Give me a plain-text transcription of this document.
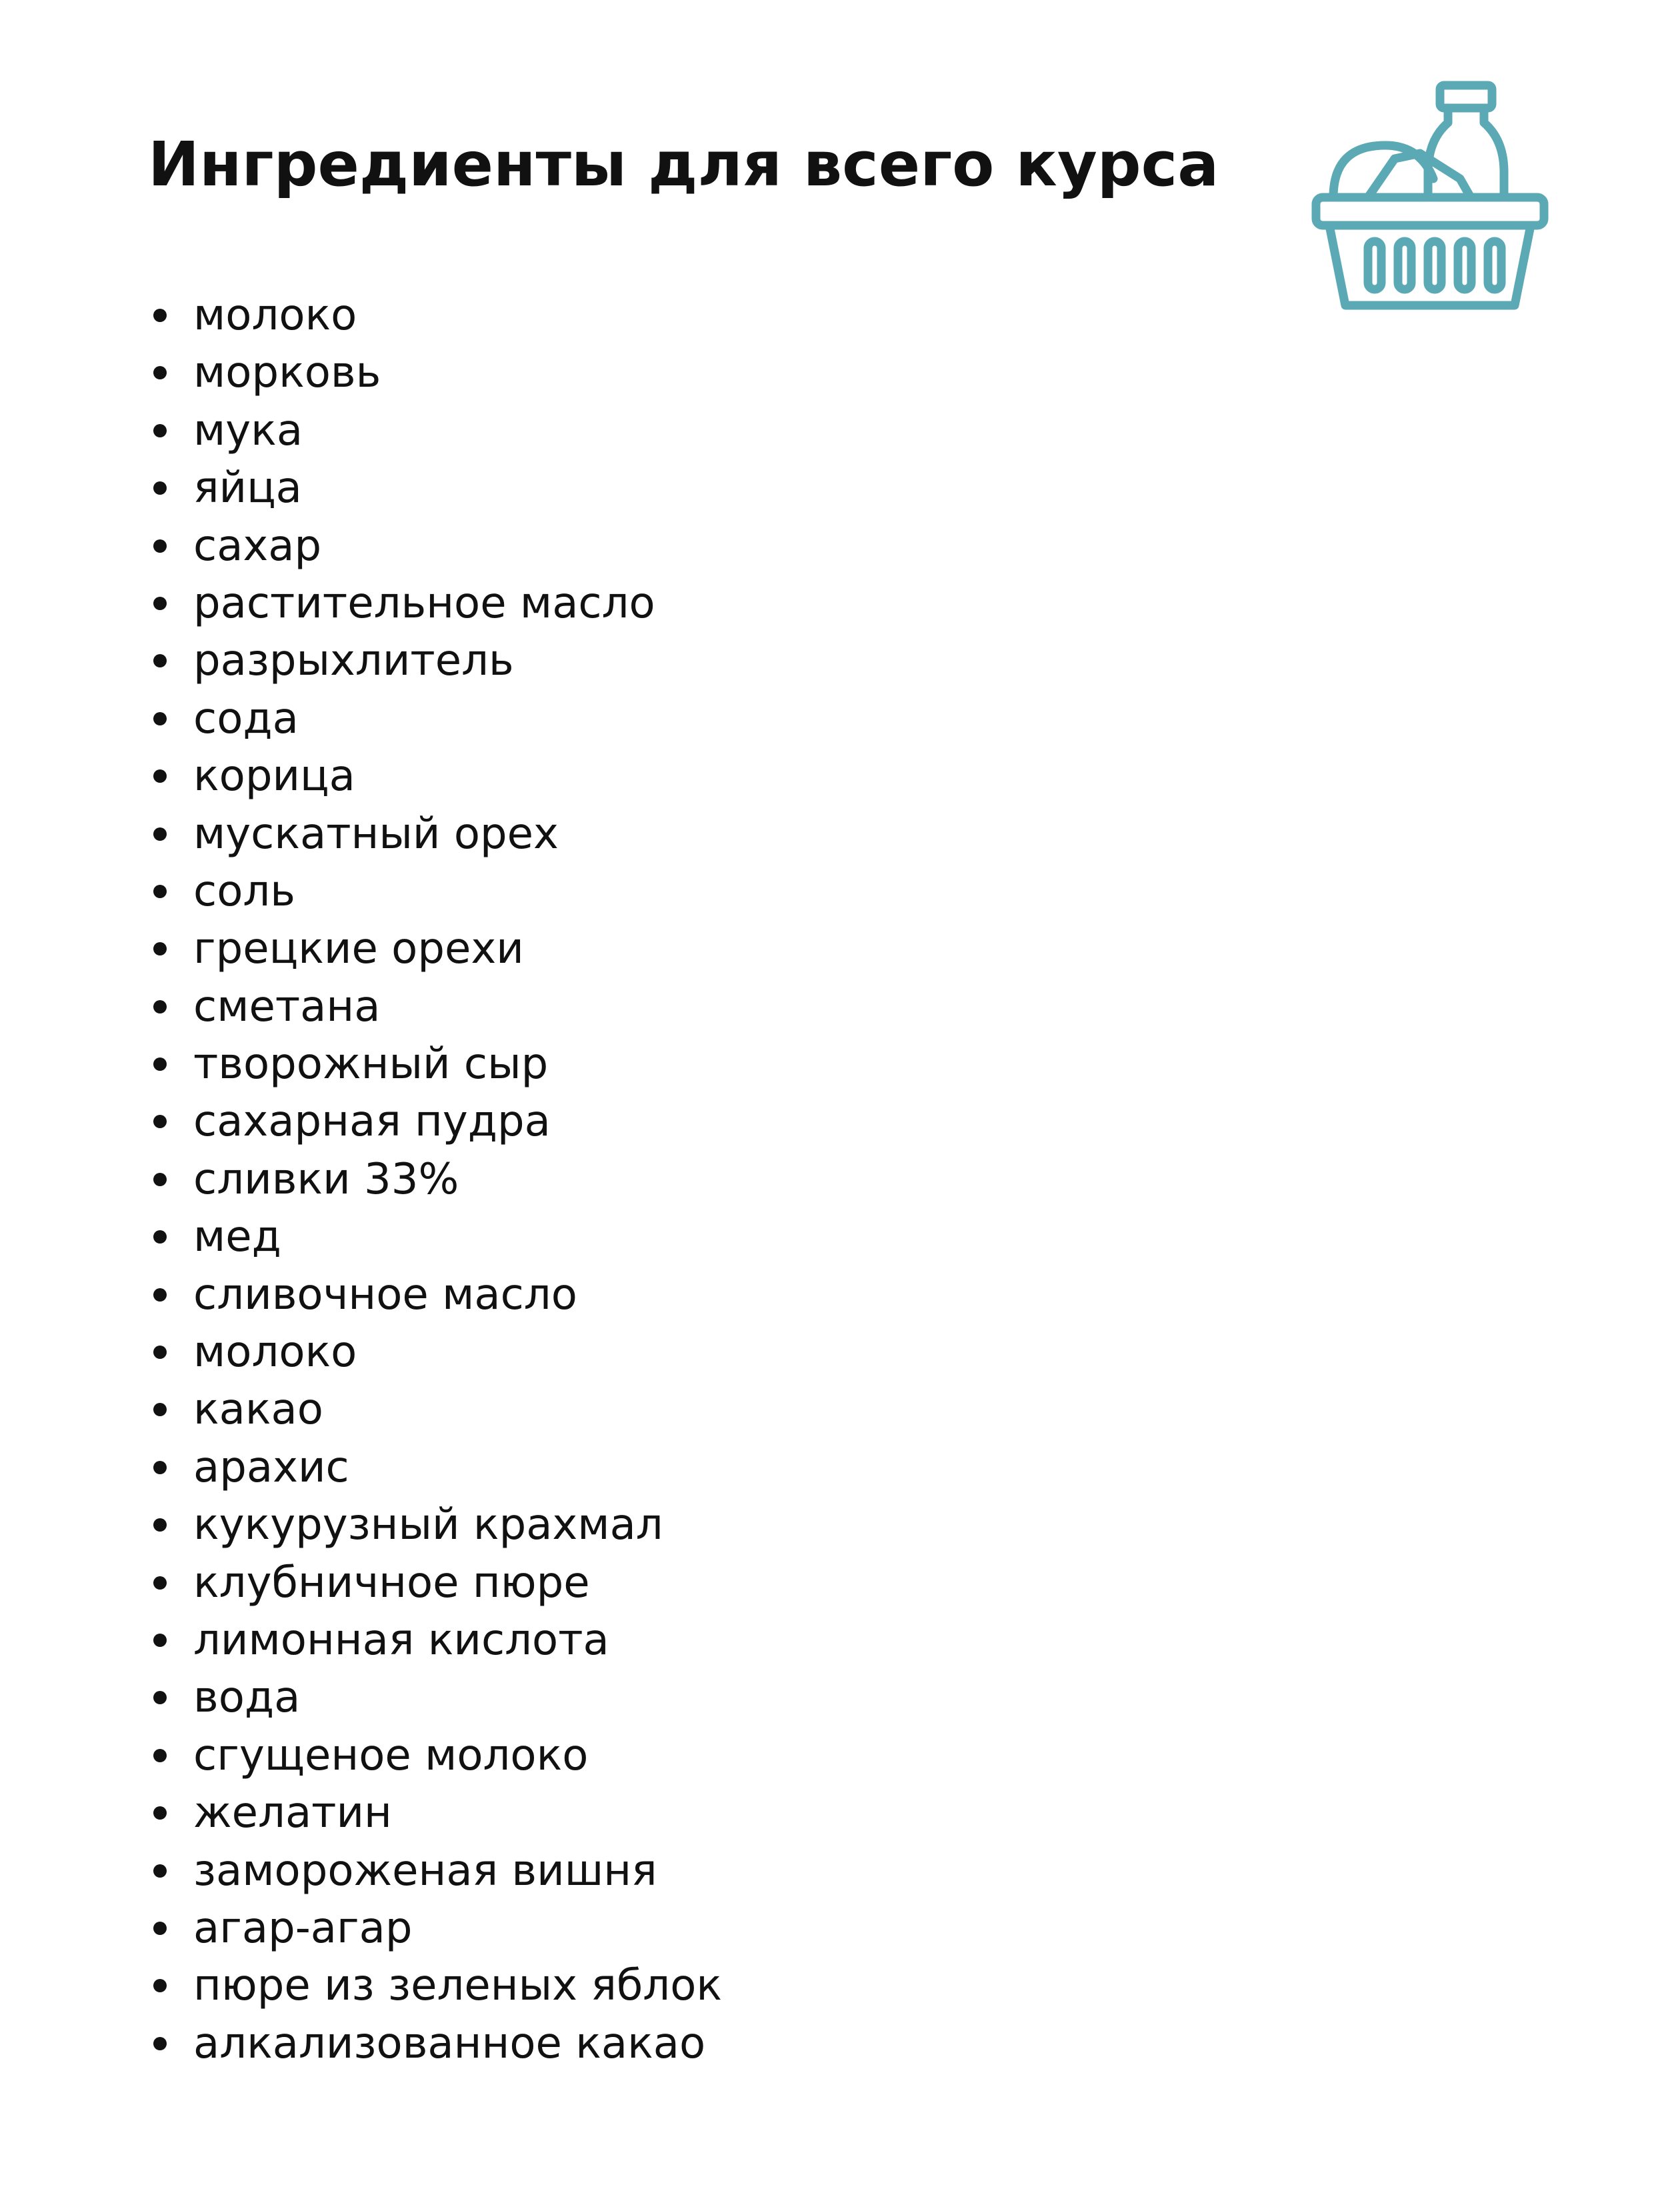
Ингредиенты для всего курса
молоко
морковь
мука
яйца
сахар
растительное масло
разрыхлитель
сода
корица
мускатный орех
соль
грецкие орехи
сметана
творожный сыр
сахарная пудра
сливки 33%
мед
сливочное масло
молоко
какао
арахис
кукурузный крахмал
клубничное пюре
лимонная кислота
вода
сгущеное молоко
желатин
замороженая вишня
агар-агар
пюре из зеленых яблок
алкализованное какао
